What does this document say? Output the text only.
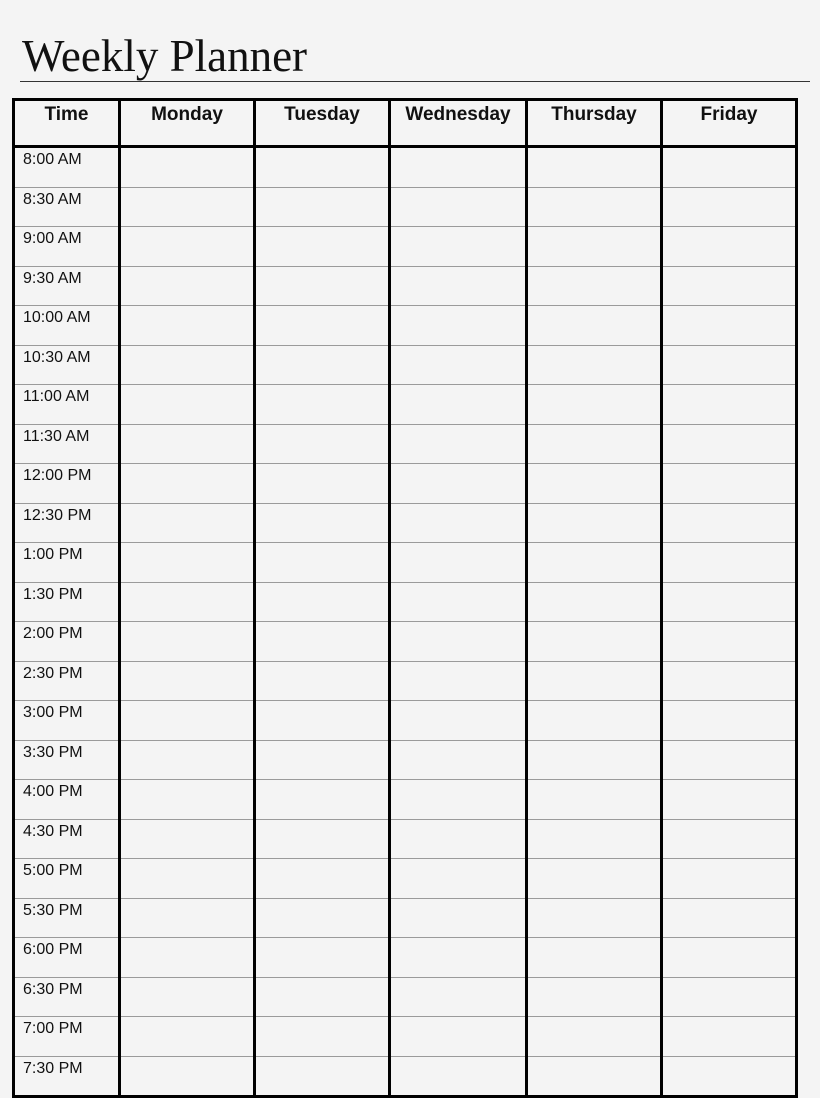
Weekly Planner
Time	Monday	Tuesday	Wednesday	Thursday	Friday
8:00 AM					
8:30 AM					
9:00 AM					
9:30 AM					
10:00 AM					
10:30 AM					
11:00 AM					
11:30 AM					
12:00 PM					
12:30 PM					
1:00 PM					
1:30 PM					
2:00 PM					
2:30 PM					
3:00 PM					
3:30 PM					
4:00 PM					
4:30 PM					
5:00 PM					
5:30 PM					
6:00 PM					
6:30 PM					
7:00 PM					
7:30 PM					
